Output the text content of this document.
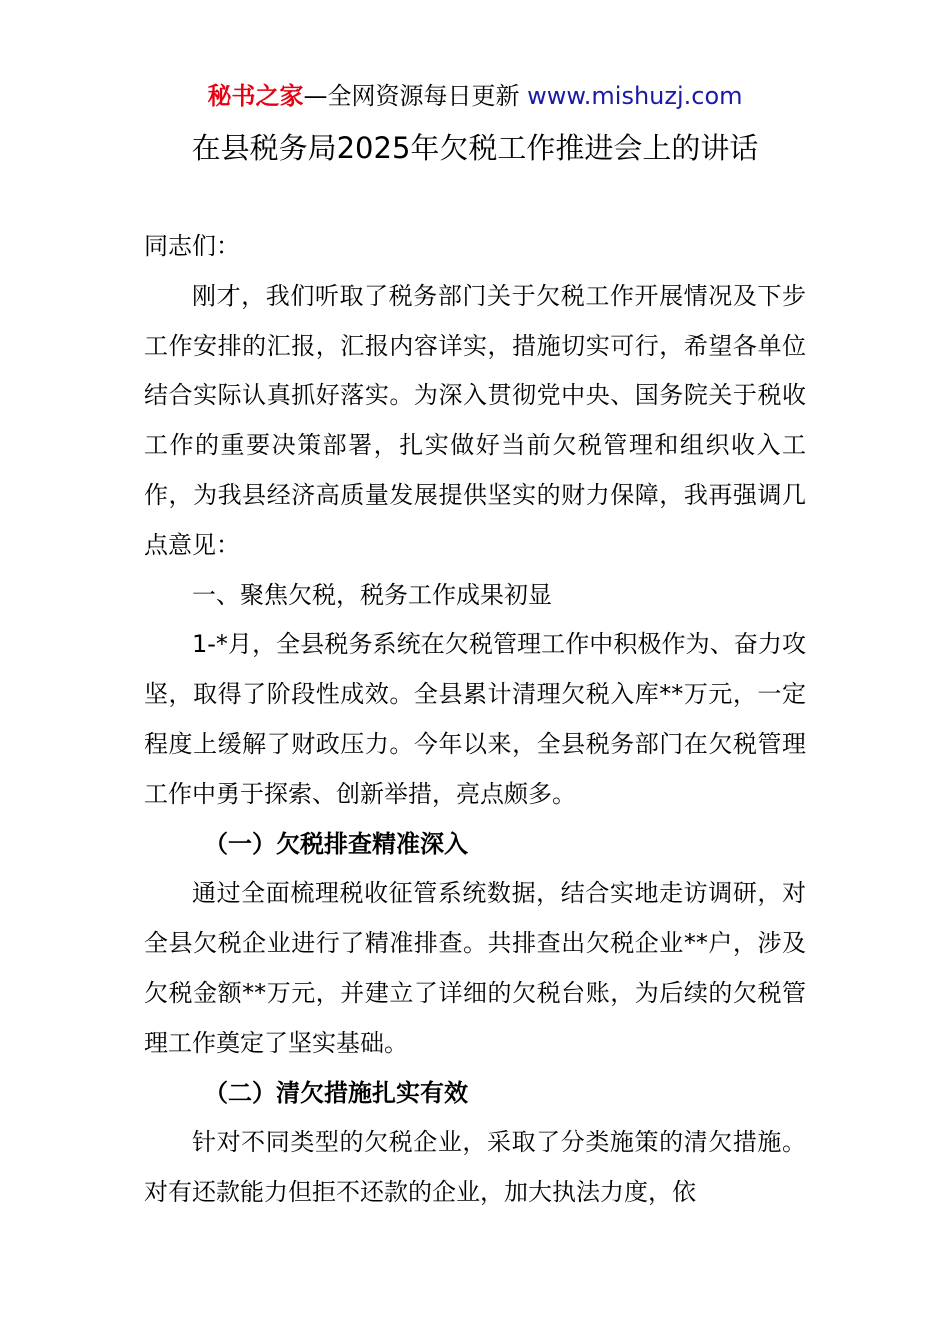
秘书之家—全网资源每日更新 www.mishuzj.com
在县税务局2025年欠税工作推进会上的讲话

同志们：

刚才，我们听取了税务部门关于欠税工作开展情况及下步工作安排的汇报，汇报内容详实，措施切实可行，希望各单位结合实际认真抓好落实。为深入贯彻党中央、国务院关于税收工作的重要决策部署，扎实做好当前欠税管理和组织收入工作，为我县经济高质量发展提供坚实的财力保障，我再强调几点意见：

一、聚焦欠税，税务工作成果初显

1-*月，全县税务系统在欠税管理工作中积极作为、奋力攻坚，取得了阶段性成效。全县累计清理欠税入库**万元，一定程度上缓解了财政压力。今年以来，全县税务部门在欠税管理工作中勇于探索、创新举措，亮点颇多。

（一）欠税排查精准深入

通过全面梳理税收征管系统数据，结合实地走访调研，对全县欠税企业进行了精准排查。共排查出欠税企业**户，涉及欠税金额**万元，并建立了详细的欠税台账，为后续的欠税管理工作奠定了坚实基础。

（二）清欠措施扎实有效

针对不同类型的欠税企业，采取了分类施策的清欠措施。对有还款能力但拒不还款的企业，加大执法力度，依
